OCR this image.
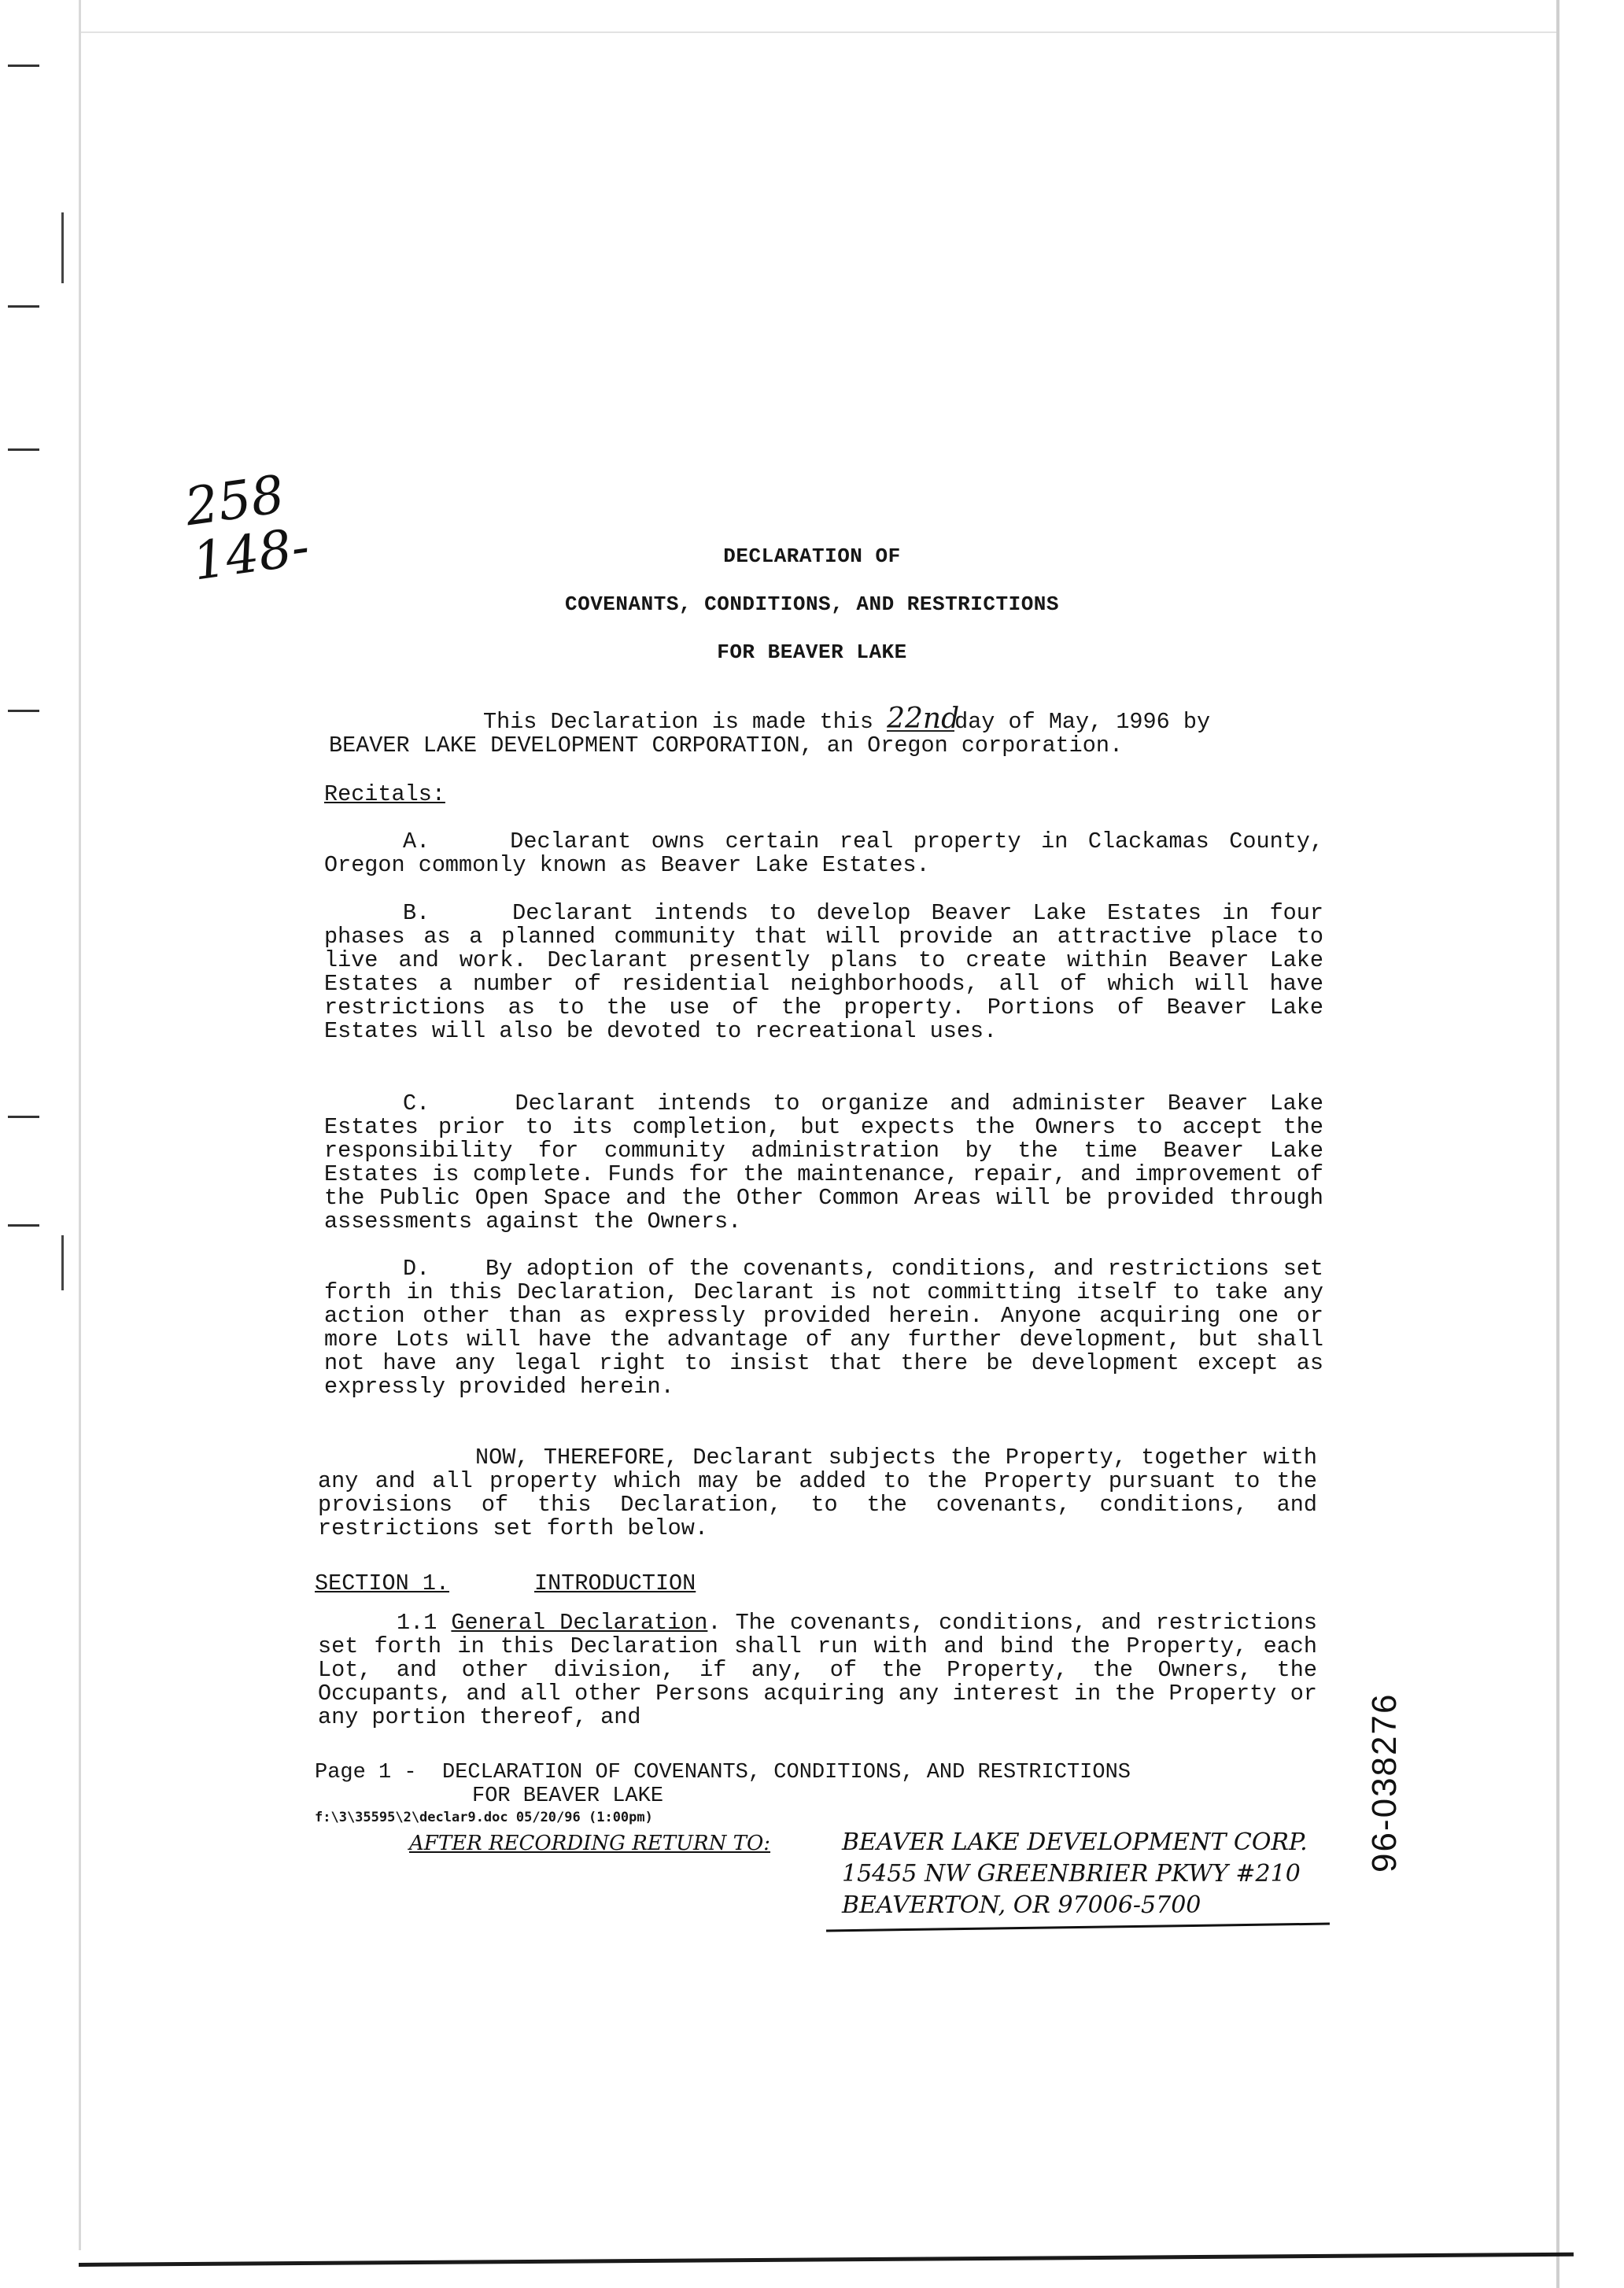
258
148-	DECLARATION OF
COVENANTS, CONDITIONS, AND RESTRICTIONS
FOR BEAVER LAKE
This Declaration is made this 22ndday of May, 1996 by
BEAVER LAKE DEVELOPMENT CORPORATION, an Oregon corporation.
Recitals:
A.	Declarant owns certain real property in Clackamas County, Oregon commonly known as Beaver Lake Estates.
B.	Declarant intends to develop Beaver Lake Estates in four phases as a planned community that will provide an attractive place to live and work. Declarant presently plans to create within Beaver Lake Estates a number of residential neighborhoods, all of which will have restrictions as to the use of the property. Portions of Beaver Lake Estates will also be devoted to recreational uses.
C.	Declarant intends to organize and administer Beaver Lake Estates prior to its completion, but expects the Owners to accept the responsibility for community administration by the time Beaver Lake Estates is complete. Funds for the maintenance, repair, and improvement of the Public Open Space and the Other Common Areas will be provided through assessments against the Owners.
D. By adoption of the covenants, conditions, and restrictions set forth in this Declaration, Declarant is not committing itself to take any action other than as expressly provided herein. Anyone acquiring one or more Lots will have the advantage of any further development, but shall not have any legal right to insist that there be development except as expressly provided herein.
NOW, THEREFORE, Declarant subjects the Property, together with any and all property which may be added to the Property pursuant to the provisions of this Declaration, to the covenants, conditions, and restrictions set forth below.
SECTION 1.	INTRODUCTION
1.1 General Declaration. The covenants, conditions, and restrictions set forth in this Declaration shall run with and bind the Property, each Lot, and other division, if any, of the Property, the Owners, the Occupants, and all other Persons acquiring any interest in the Property or any portion thereof, and
Page 1 -  DECLARATION OF COVENANTS, CONDITIONS, AND RESTRICTIONS
FOR BEAVER LAKE
f:\3\35595\2\declar9.doc 05/20/96 (1:00pm)
AFTER RECORDING RETURN TO:	BEAVER LAKE DEVELOPMENT CORP.
15455 NW GREENBRIER PKWY #210
BEAVERTON, OR 97006-5700
96-038276
